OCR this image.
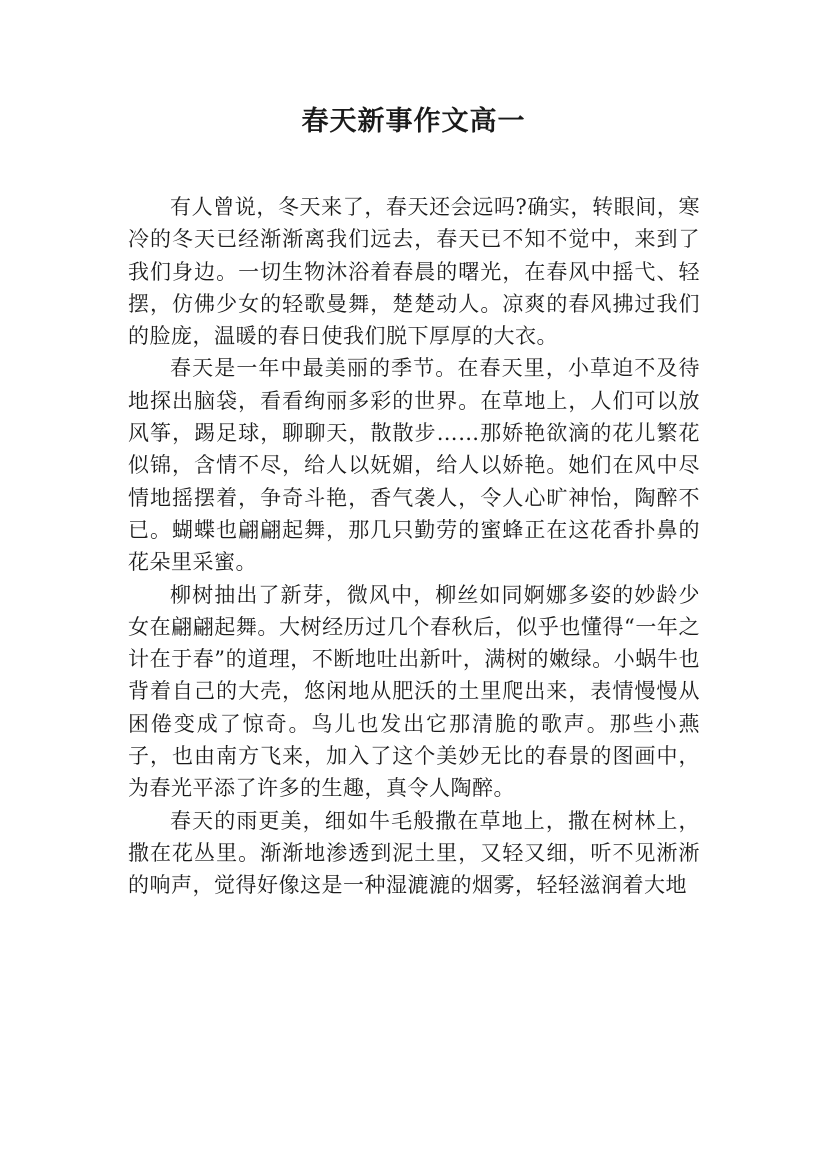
春天新事作文高一

有人曾说，冬天来了，春天还会远吗?确实，转眼间，寒冷的冬天已经渐渐离我们远去，春天已不知不觉中，来到了我们身边。一切生物沐浴着春晨的曙光，在春风中摇弋、轻摆，仿佛少女的轻歌曼舞，楚楚动人。凉爽的春风拂过我们的脸庞，温暖的春日使我们脱下厚厚的大衣。

春天是一年中最美丽的季节。在春天里，小草迫不及待地探出脑袋，看看绚丽多彩的世界。在草地上，人们可以放风筝，踢足球，聊聊天，散散步……那娇艳欲滴的花儿繁花似锦，含情不尽，给人以妩媚，给人以娇艳。她们在风中尽情地摇摆着，争奇斗艳，香气袭人，令人心旷神怡，陶醉不已。蝴蝶也翩翩起舞，那几只勤劳的蜜蜂正在这花香扑鼻的花朵里采蜜。

柳树抽出了新芽，微风中，柳丝如同婀娜多姿的妙龄少女在翩翩起舞。大树经历过几个春秋后，似乎也懂得“一年之计在于春”的道理，不断地吐出新叶，满树的嫩绿。小蜗牛也背着自己的大壳，悠闲地从肥沃的土里爬出来，表情慢慢从困倦变成了惊奇。鸟儿也发出它那清脆的歌声。那些小燕子，也由南方飞来，加入了这个美妙无比的春景的图画中，为春光平添了许多的生趣，真令人陶醉。

春天的雨更美，细如牛毛般撒在草地上，撒在树林上，撒在花丛里。渐渐地渗透到泥土里，又轻又细，听不见淅淅的响声，觉得好像这是一种湿漉漉的烟雾，轻轻滋润着大地
